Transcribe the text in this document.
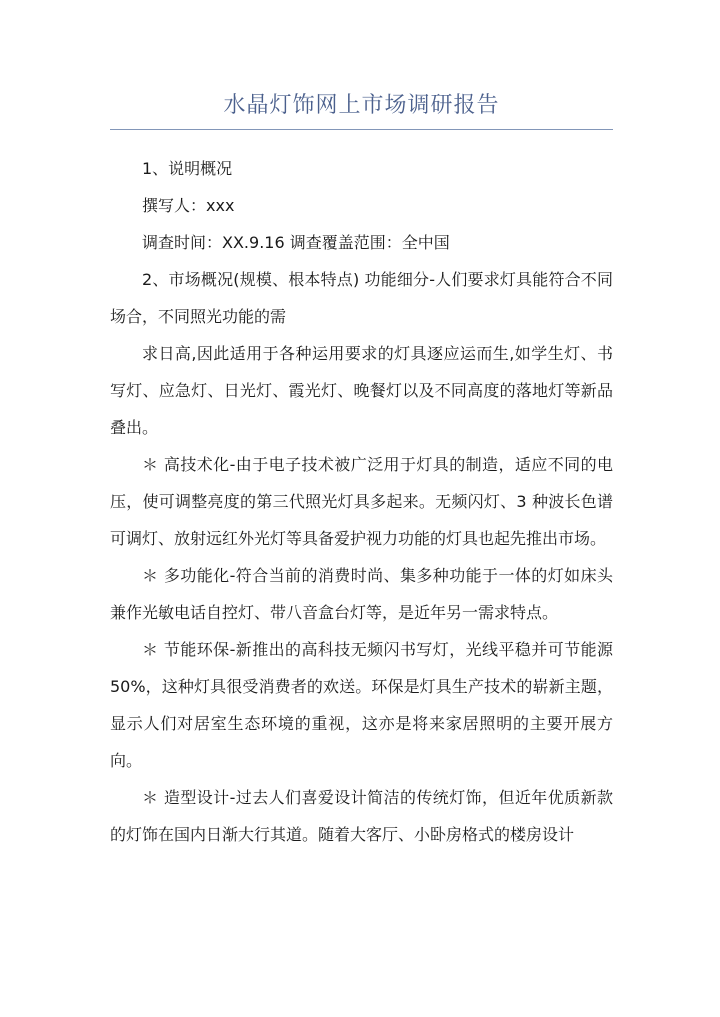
水晶灯饰网上市场调研报告

1、说明概况

撰写人：xxx

调查时间：XX.9.16 调查覆盖范围：全中国

2、市场概况(规模、根本特点) 功能细分-人们要求灯具能符合不同场合，不同照光功能的需

求日高,因此适用于各种运用要求的灯具逐应运而生,如学生灯、书写灯、应急灯、日光灯、霞光灯、晚餐灯以及不同高度的落地灯等新品叠出。

＊ 高技术化-由于电子技术被广泛用于灯具的制造，适应不同的电压，使可调整亮度的第三代照光灯具多起来。无频闪灯、3 种波长色谱可调灯、放射远红外光灯等具备爱护视力功能的灯具也起先推出市场。

＊ 多功能化-符合当前的消费时尚、集多种功能于一体的灯如床头兼作光敏电话自控灯、带八音盒台灯等，是近年另一需求特点。

＊ 节能环保-新推出的高科技无频闪书写灯，光线平稳并可节能源 50%，这种灯具很受消费者的欢送。环保是灯具生产技术的崭新主题，显示人们对居室生态环境的重视，这亦是将来家居照明的主要开展方向。

＊ 造型设计-过去人们喜爱设计简洁的传统灯饰，但近年优质新款的灯饰在国内日渐大行其道。随着大客厅、小卧房格式的楼房设计
